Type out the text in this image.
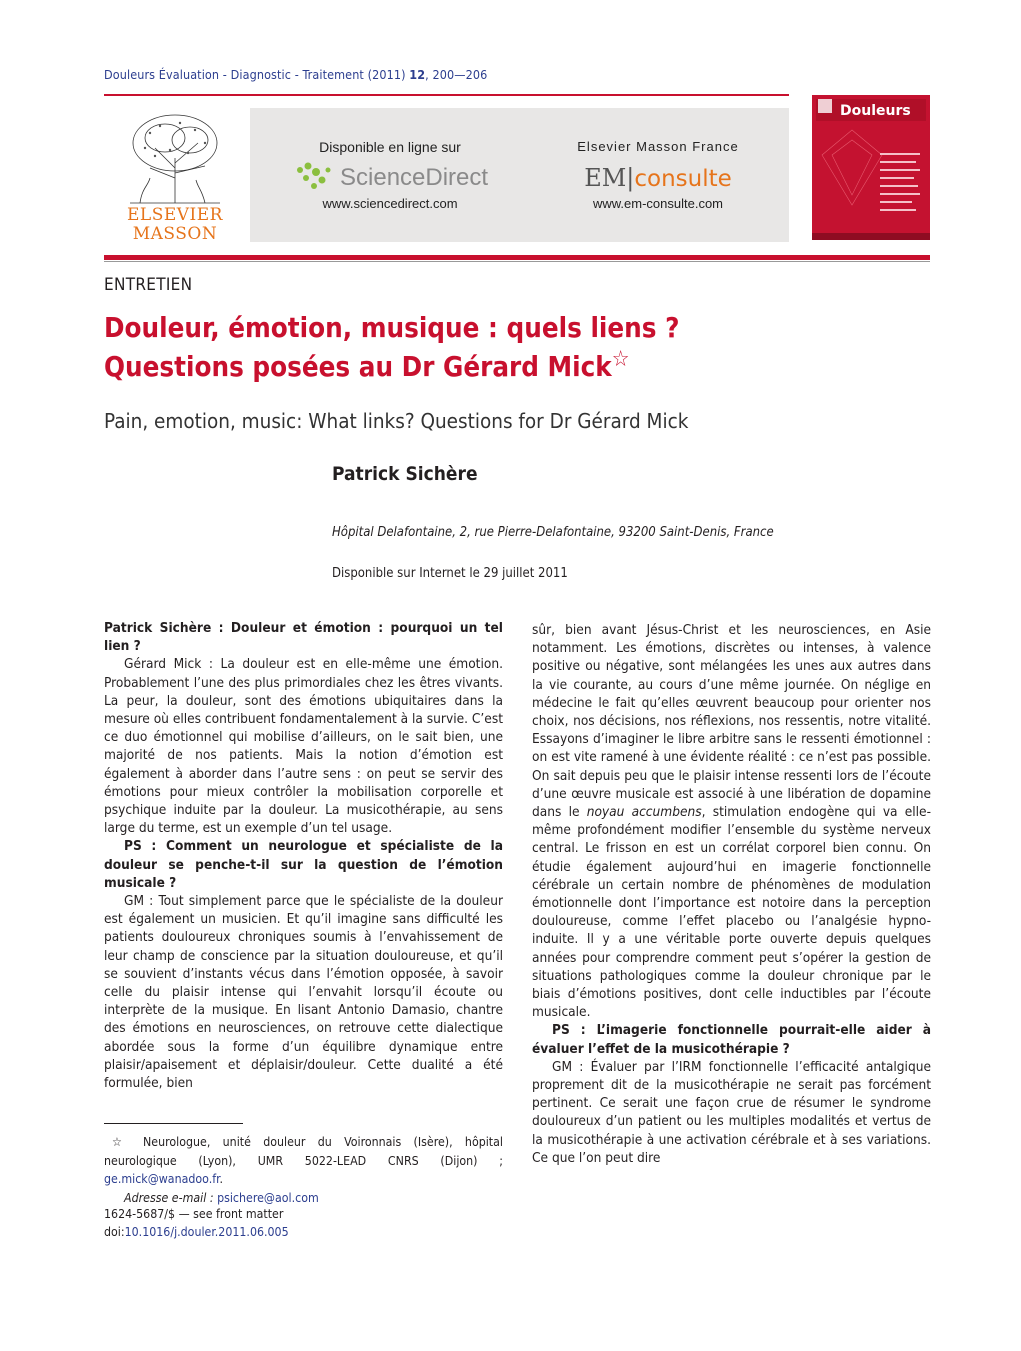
Douleurs Évaluation - Diagnostic - Traitement (2011) 12, 200—206
ELSEVIER
MASSON
Disponible en ligne sur
ScienceDirect
www.sciencedirect.com
Elsevier Masson France
EM|consulte
www.em-consulte.com
Douleurs
ENTRETIEN
Douleur, émotion, musique : quels liens ?
Questions posées au Dr Gérard Mick☆
Pain, emotion, music: What links? Questions for Dr Gérard Mick
Patrick Sichère
Hôpital Delafontaine, 2, rue Pierre-Delafontaine, 93200 Saint-Denis, France
Disponible sur Internet le 29 juillet 2011

Patrick Sichère : Douleur et émotion : pourquoi un tel lien ?

Gérard Mick : La douleur est en elle-même une émotion. Probablement l’une des plus primordiales chez les êtres vivants. La peur, la douleur, sont des émotions ubiquitaires dans la mesure où elles contribuent fondamentalement à la survie. C’est ce duo émotionnel qui mobilise d’ailleurs, on le sait bien, une majorité de nos patients. Mais la notion d’émotion est également à aborder dans l’autre sens : on peut se servir des émotions pour mieux contrôler la mobilisation corporelle et psychique induite par la douleur. La musicothérapie, au sens large du terme, est un exemple d’un tel usage.

PS : Comment un neurologue et spécialiste de la douleur se penche-t-il sur la question de l’émotion musicale ?

GM : Tout simplement parce que le spécialiste de la douleur est également un musicien. Et qu’il imagine sans difficulté les patients douloureux chroniques soumis à l’envahissement de leur champ de conscience par la situation douloureuse, et qu’il se souvient d’instants vécus dans l’émotion opposée, à savoir celle du plaisir intense qui l’envahit lorsqu’il écoute ou interprète de la musique. En lisant Antonio Damasio, chantre des émotions en neurosciences, on retrouve cette dialectique abordée sous la forme d’un équilibre dynamique entre plaisir/apaisement et déplaisir/douleur. Cette dualité a été formulée, bien

sûr, bien avant Jésus-Christ et les neurosciences, en Asie notamment. Les émotions, discrètes ou intenses, à valence positive ou négative, sont mélangées les unes aux autres dans la vie courante, au cours d’une même journée. On néglige en médecine le fait qu’elles œuvrent beaucoup pour orienter nos choix, nos décisions, nos réflexions, nos ressentis, notre vitalité. Essayons d’imaginer le libre arbitre sans le ressenti émotionnel : on est vite ramené à une évidente réalité : ce n’est pas possible. On sait depuis peu que le plaisir intense ressenti lors de l’écoute d’une œuvre musicale est associé à une libération de dopamine dans le noyau accumbens, stimulation endogène qui va elle-même profondément modifier l’ensemble du système nerveux central. Le frisson en est un corrélat corporel bien connu. On étudie également aujourd’hui en imagerie fonctionnelle cérébrale un certain nombre de phénomènes de modulation émotionnelle dont l’importance est notoire dans la perception douloureuse, comme l’effet placebo ou l’analgésie hypno-induite. Il y a une véritable porte ouverte depuis quelques années pour comprendre comment peut s’opérer la gestion de situations pathologiques comme la douleur chronique par le biais d’émotions positives, dont celle inductibles par l’écoute musicale.

PS : L’imagerie fonctionnelle pourrait-elle aider à évaluer l’effet de la musicothérapie ?

GM : Évaluer par l’IRM fonctionnelle l’efficacité antalgique proprement dit de la musicothérapie ne serait pas forcément pertinent. Ce serait une façon crue de résumer le syndrome douloureux d’un patient ou les multiples modalités et vertus de la musicothérapie à une activation cérébrale et à ses variations. Ce que l’on peut dire

☆ Neurologue, unité douleur du Voironnais (Isère), hôpital neurologique (Lyon), UMR 5022-LEAD CNRS (Dijon) ; ge.mick@wanadoo.fr.
Adresse e-mail : psichere@aol.com
1624-5687/$ — see front matter
doi:10.1016/j.douler.2011.06.005
